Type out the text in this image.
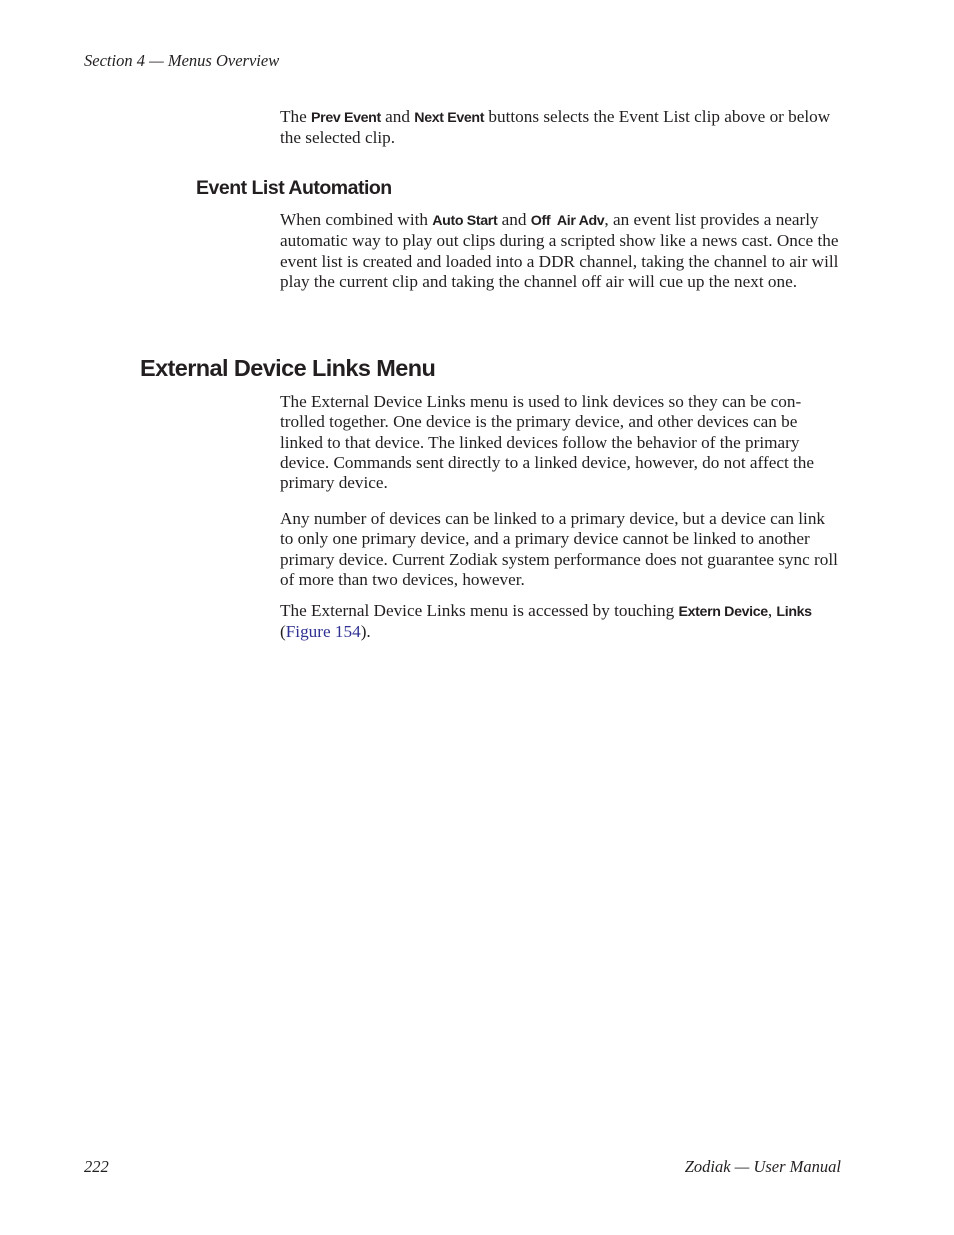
Section 4 — Menus Overview

The Prev Event and Next Event buttons selects the Event List clip above or below the selected clip.

Event List Automation

When combined with Auto Start and Off  Air Adv, an event list provides a nearly automatic way to play out clips during a scripted show like a news cast. Once the event list is created and loaded into a DDR channel, taking the channel to air will play the current clip and taking the channel off air will cue up the next one.

External Device Links Menu

The External Device Links menu is used to link devices so they can be con-trolled together. One device is the primary device, and other devices can be linked to that device. The linked devices follow the behavior of the primary device. Commands sent directly to a linked device, however, do not affect the primary device.

Any number of devices can be linked to a primary device, but a device can link to only one primary device, and a primary device cannot be linked to another primary device. Current Zodiak system performance does not guarantee sync roll of more than two devices, however.

The External Device Links menu is accessed by touching Extern Device, Links (Figure 154).

222	Zodiak — User Manual
